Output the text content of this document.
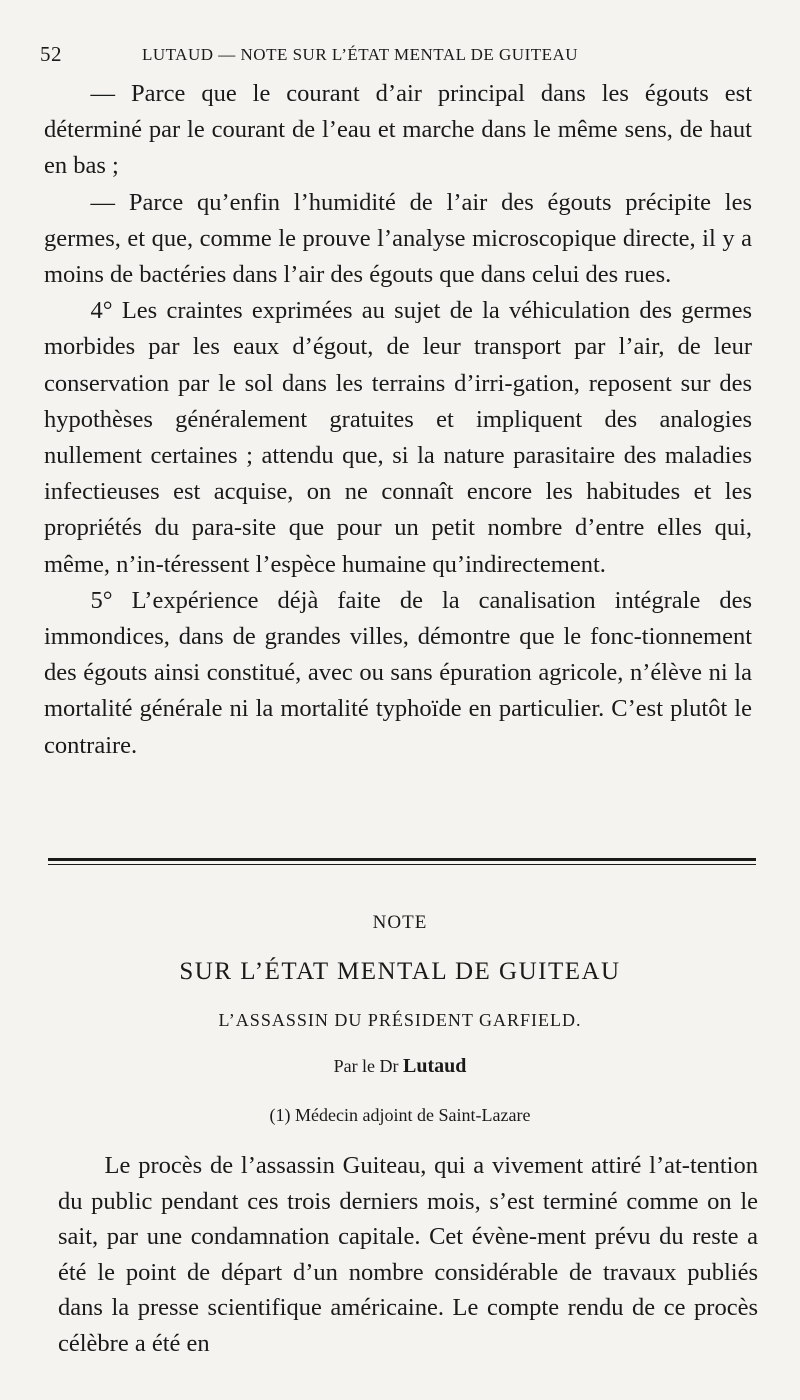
52	LUTAUD — NOTE SUR L’ÉTAT MENTAL DE GUITEAU

— Parce que le courant d’air principal dans les égouts est déterminé par le courant de l’eau et marche dans le même sens, de haut en bas ;

— Parce qu’enfin l’humidité de l’air des égouts précipite les germes, et que, comme le prouve l’analyse microscopique directe, il y a moins de bactéries dans l’air des égouts que dans celui des rues.

4° Les craintes exprimées au sujet de la véhiculation des germes morbides par les eaux d’égout, de leur transport par l’air, de leur conservation par le sol dans les terrains d’irri-gation, reposent sur des hypothèses généralement gratuites et impliquent des analogies nullement certaines ; attendu que, si la nature parasitaire des maladies infectieuses est acquise, on ne connaît encore les habitudes et les propriétés du para-site que pour un petit nombre d’entre elles qui, même, n’in-téressent l’espèce humaine qu’indirectement.

5° L’expérience déjà faite de la canalisation intégrale des immondices, dans de grandes villes, démontre que le fonc-tionnement des égouts ainsi constitué, avec ou sans épuration agricole, n’élève ni la mortalité générale ni la mortalité typhoïde en particulier. C’est plutôt le contraire.

NOTE
SUR L’ÉTAT MENTAL DE GUITEAU
L’ASSASSIN DU PRÉSIDENT GARFIELD.
Par le Dr Lutaud
(1) Médecin adjoint de Saint-Lazare

Le procès de l’assassin Guiteau, qui a vivement attiré l’at-tention du public pendant ces trois derniers mois, s’est terminé comme on le sait, par une condamnation capitale. Cet évène-ment prévu du reste a été le point de départ d’un nombre considérable de travaux publiés dans la presse scientifique américaine. Le compte rendu de ce procès célèbre a été en
